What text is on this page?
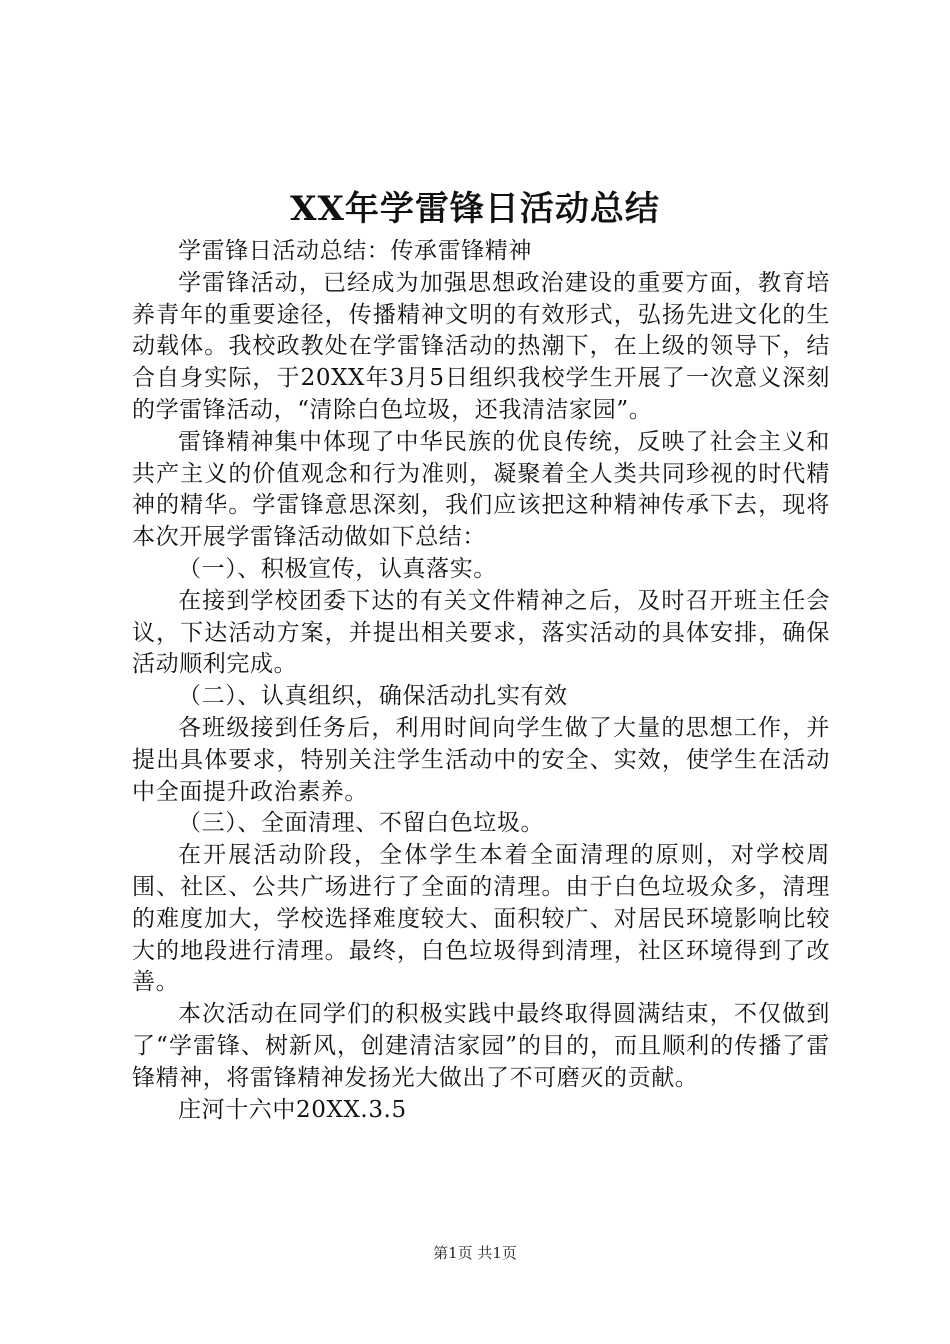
XX年学雷锋日活动总结

学雷锋日活动总结：传承雷锋精神

学雷锋活动，已经成为加强思想政治建设的重要方面，教育培养青年的重要途径，传播精神文明的有效形式，弘扬先进文化的生动载体。我校政教处在学雷锋活动的热潮下，在上级的领导下，结合自身实际，于20XX年3月5日组织我校学生开展了一次意义深刻的学雷锋活动，“清除白色垃圾，还我清洁家园”。

雷锋精神集中体现了中华民族的优良传统，反映了社会主义和共产主义的价值观念和行为准则，凝聚着全人类共同珍视的时代精神的精华。学雷锋意思深刻，我们应该把这种精神传承下去，现将本次开展学雷锋活动做如下总结：

（一）、积极宣传，认真落实。

在接到学校团委下达的有关文件精神之后，及时召开班主任会议，下达活动方案，并提出相关要求，落实活动的具体安排，确保活动顺利完成。

（二）、认真组织，确保活动扎实有效

各班级接到任务后，利用时间向学生做了大量的思想工作，并提出具体要求，特别关注学生活动中的安全、实效，使学生在活动中全面提升政治素养。

（三）、全面清理、不留白色垃圾。

在开展活动阶段，全体学生本着全面清理的原则，对学校周围、社区、公共广场进行了全面的清理。由于白色垃圾众多，清理的难度加大，学校选择难度较大、面积较广、对居民环境影响比较大的地段进行清理。最终，白色垃圾得到清理，社区环境得到了改善。

本次活动在同学们的积极实践中最终取得圆满结束，不仅做到了“学雷锋、树新风，创建清洁家园”的目的，而且顺利的传播了雷锋精神，将雷锋精神发扬光大做出了不可磨灭的贡献。

庄河十六中20XX.3.5

第1页 共1页
